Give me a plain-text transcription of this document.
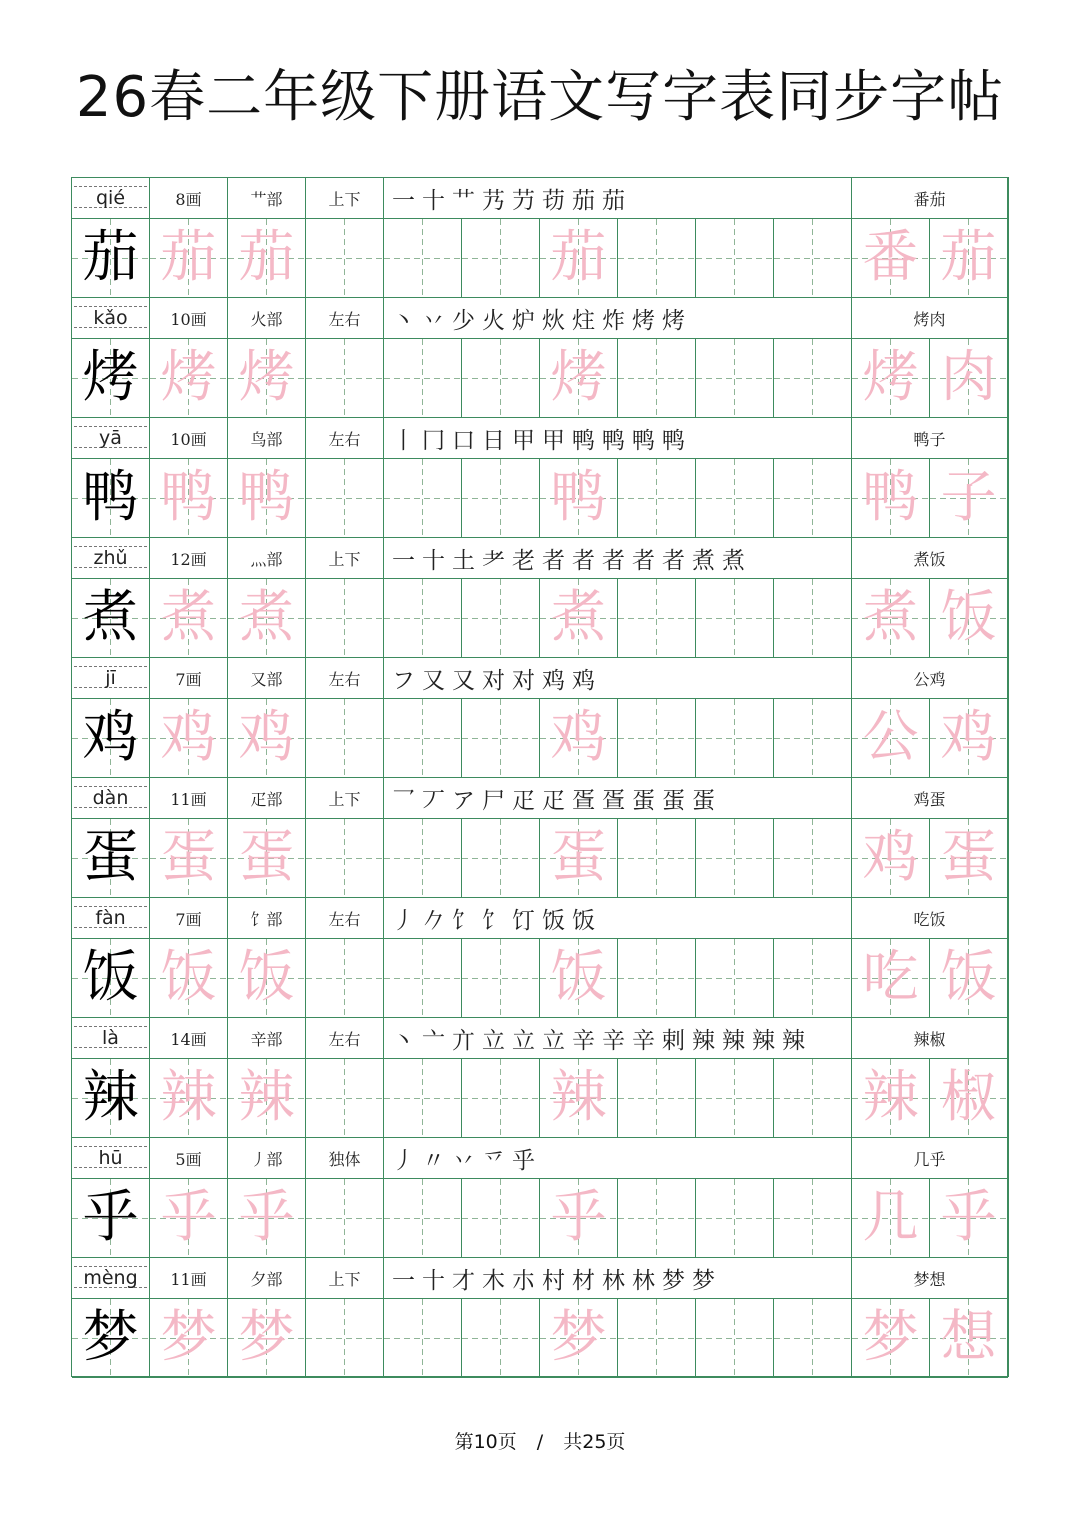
26春二年级下册语文写字表同步字帖
qié	8画	艹部	上下 一 十 艹 艿 芀 苆 茄 茄	番茄
茄 茄 茄	茄	番 茄
kǎo	10画	火部	左右 丶 丷 少 火 炉 炏 炷 炸 烤 烤	烤肉
烤 烤 烤	烤	烤 肉
yā	10画	鸟部	左右 丨 冂 口 日 甲 甲 鸭 鸭 鸭 鸭	鸭子
鸭 鸭 鸭	鸭	鸭 子
zhǔ	12画	灬部	上下 一 十 土 耂 老 者 者 者 者 者 煮 煮	煮饭
煮 煮 煮	煮	煮 饭
jī	7画	又部	左右 フ 又 又 对 对 鸡 鸡	公鸡
鸡 鸡 鸡	鸡	公 鸡
dàn	11画	疋部	上下 乛 丆 ア 尸 疋 疋 疍 疍 蛋 蛋 蛋	鸡蛋
蛋 蛋 蛋	蛋	鸡 蛋
fàn	7画	饣部	左右 丿 𠂊 饣 饣 饤 饭 饭	吃饭
饭 饭 饭	饭	吃 饭
là	14画	辛部	左右 丶 亠 亣 立 立 立 辛 辛 辛 剌 辣 辣 辣 辣	辣椒
辣 辣 辣	辣	辣 椒
hū	5画	丿部	独体 丿 〃 丷 乊 乎	几乎
乎 乎 乎	乎	几 乎
mèng 11画	夕部	上下 一 十 才 木 朩 村 材 林 林 梦 梦	梦想
梦 梦 梦	梦	梦 想
第10页 / 共25页
